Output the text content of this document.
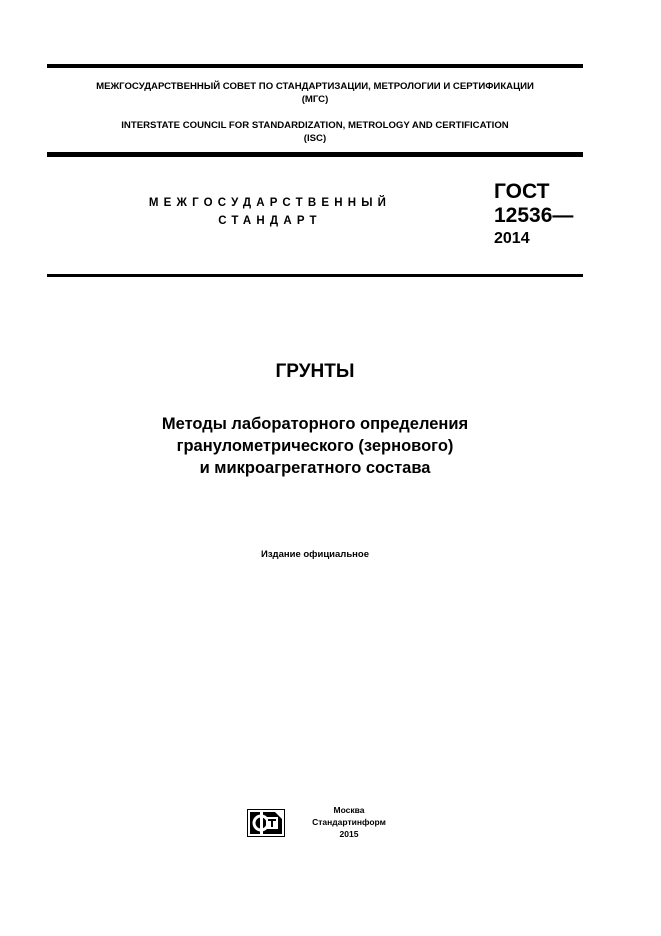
МЕЖГОСУДАРСТВЕННЫЙ СОВЕТ ПО СТАНДАРТИЗАЦИИ, МЕТРОЛОГИИ И СЕРТИФИКАЦИИ
(МГС)
INTERSTATE COUNCIL FOR STANDARDIZATION, METROLOGY AND CERTIFICATION
(ISC)
МЕЖГОСУДАРСТВЕННЫЙ
СТАНДАРТ
ГОСТ
12536—
2014
ГРУНТЫ
Методы лабораторного определения
гранулометрического (зернового)
и микроагрегатного состава
Издание официальное
Москва
Стандартинформ
2015
